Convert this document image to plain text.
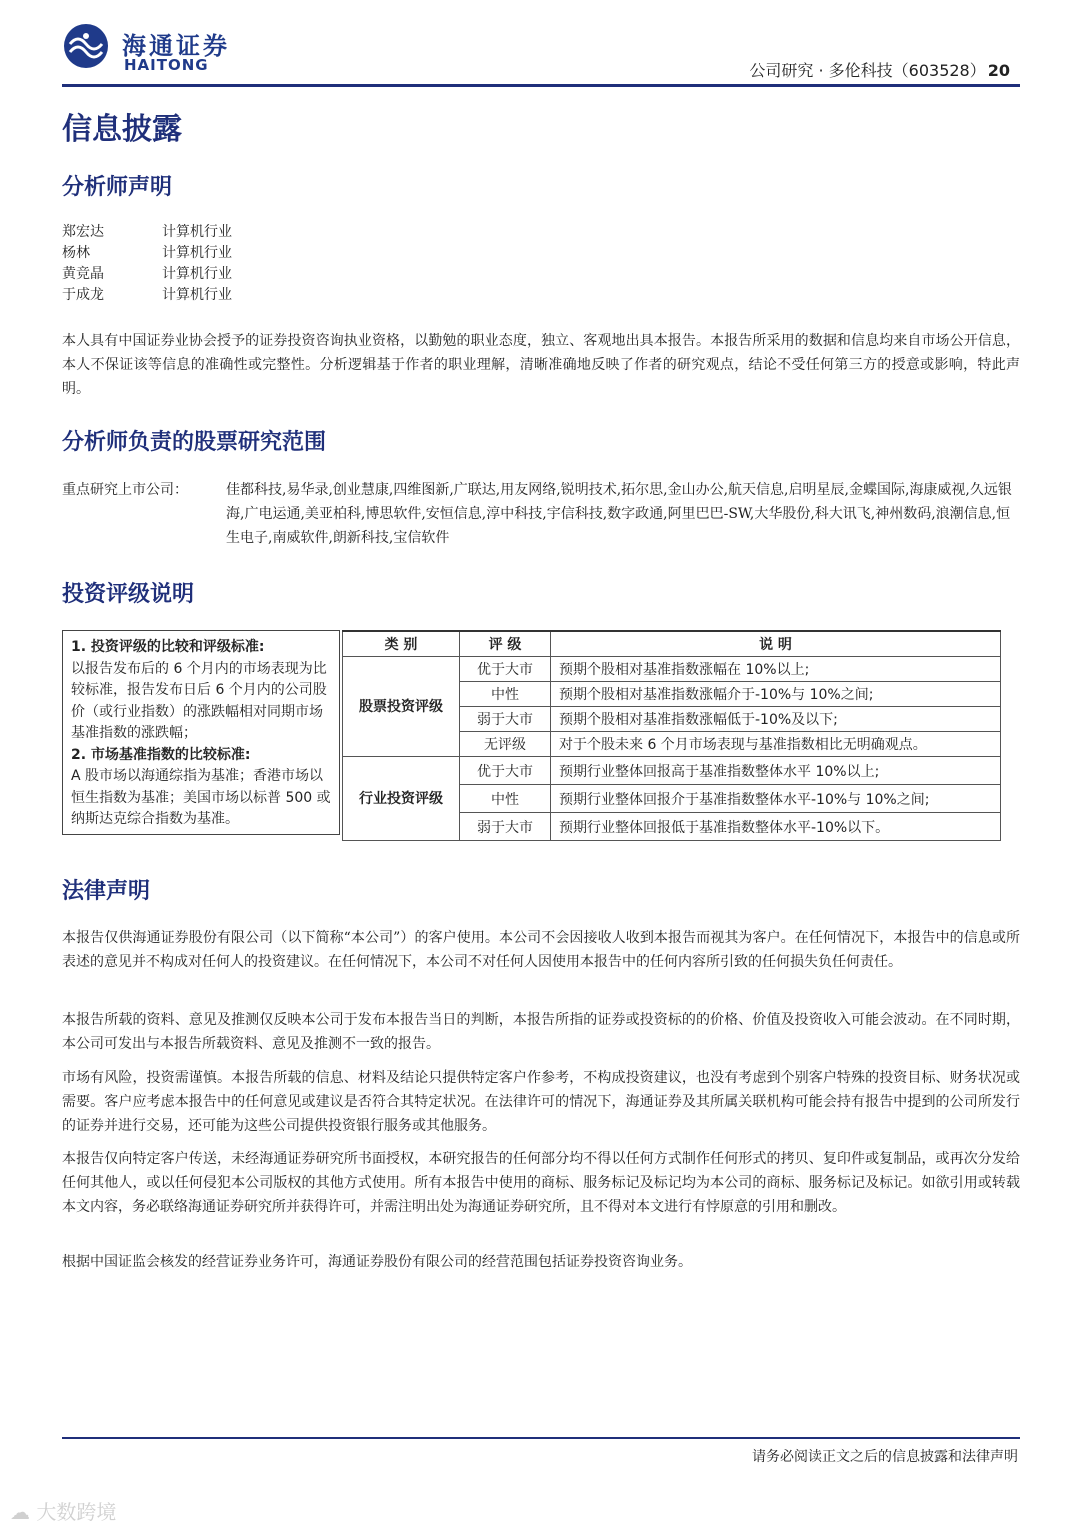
海通证券
HAITONG	公司研究 · 多伦科技（603528） 20
信息披露
分析师声明
郑宏达	计算机行业
杨林	计算机行业
黄竞晶	计算机行业
于成龙	计算机行业
本人具有中国证券业协会授予的证券投资咨询执业资格，以勤勉的职业态度，独立、客观地出具本报告。本报告所采用的数据和信息均来自市场公开信息，本人不保证该等信息的准确性或完整性。分析逻辑基于作者的职业理解，清晰准确地反映了作者的研究观点，结论不受任何第三方的授意或影响，特此声明。
分析师负责的股票研究范围
重点研究上市公司：	佳都科技,易华录,创业慧康,四维图新,广联达,用友网络,锐明技术,拓尔思,金山办公,航天信息,启明星辰,金蝶国际,海康威视,久远银海,广电运通,美亚柏科,博思软件,安恒信息,淳中科技,宇信科技,数字政通,阿里巴巴-SW,大华股份,科大讯飞,神州数码,浪潮信息,恒生电子,南威软件,朗新科技,宝信软件
投资评级说明
1. 投资评级的比较和评级标准:
以报告发布后的 6 个月内的市场表现为比较标准，报告发布日后 6 个月内的公司股价（或行业指数）的涨跌幅相对同期市场基准指数的涨跌幅；
2. 市场基准指数的比较标准:
A 股市场以海通综指为基准；香港市场以恒生指数为基准；美国市场以标普 500 或纳斯达克综合指数为基准。
类 别	评 级	说 明
股票投资评级	优于大市	预期个股相对基准指数涨幅在 10%以上;
	中性	预期个股相对基准指数涨幅介于-10%与 10%之间;
	弱于大市	预期个股相对基准指数涨幅低于-10%及以下;
	无评级	对于个股未来 6 个月市场表现与基准指数相比无明确观点。
行业投资评级	优于大市	预期行业整体回报高于基准指数整体水平 10%以上;
	中性	预期行业整体回报介于基准指数整体水平-10%与 10%之间;
	弱于大市	预期行业整体回报低于基准指数整体水平-10%以下。
法律声明
本报告仅供海通证券股份有限公司（以下简称“本公司”）的客户使用。本公司不会因接收人收到本报告而视其为客户。在任何情况下，本报告中的信息或所表述的意见并不构成对任何人的投资建议。在任何情况下，本公司不对任何人因使用本报告中的任何内容所引致的任何损失负任何责任。
本报告所载的资料、意见及推测仅反映本公司于发布本报告当日的判断，本报告所指的证券或投资标的的价格、价值及投资收入可能会波动。在不同时期，本公司可发出与本报告所载资料、意见及推测不一致的报告。
市场有风险，投资需谨慎。本报告所载的信息、材料及结论只提供特定客户作参考，不构成投资建议，也没有考虑到个别客户特殊的投资目标、财务状况或需要。客户应考虑本报告中的任何意见或建议是否符合其特定状况。在法律许可的情况下，海通证券及其所属关联机构可能会持有报告中提到的公司所发行的证券并进行交易，还可能为这些公司提供投资银行服务或其他服务。
本报告仅向特定客户传送，未经海通证券研究所书面授权，本研究报告的任何部分均不得以任何方式制作任何形式的拷贝、复印件或复制品，或再次分发给任何其他人，或以任何侵犯本公司版权的其他方式使用。所有本报告中使用的商标、服务标记及标记均为本公司的商标、服务标记及标记。如欲引用或转载本文内容，务必联络海通证券研究所并获得许可，并需注明出处为海通证券研究所，且不得对本文进行有悖原意的引用和删改。
根据中国证监会核发的经营证券业务许可，海通证券股份有限公司的经营范围包括证券投资咨询业务。
请务必阅读正文之后的信息披露和法律声明
☁ 大数跨境
